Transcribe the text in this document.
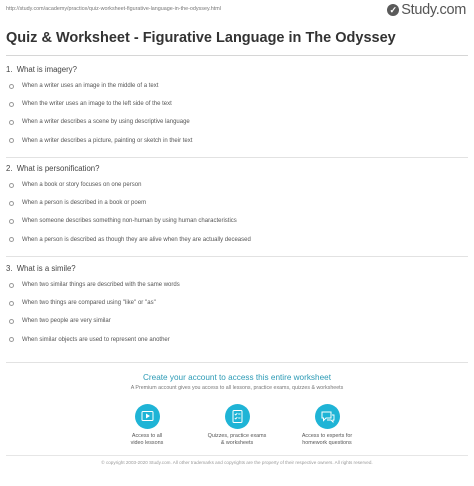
http://study.com/academy/practice/quiz-worksheet-figurative-language-in-the-odyssey.html	✓ Study.com
Quiz & Worksheet - Figurative Language in The Odyssey
1. What is imagery?
When a writer uses an image in the middle of a text
When the writer uses an image to the left side of the text
When a writer describes a scene by using descriptive language
When a writer describes a picture, painting or sketch in their text
2. What is personification?
When a book or story focuses on one person
When a person is described in a book or poem
When someone describes something non-human by using human characteristics
When a person is described as though they are alive when they are actually deceased
3. What is a simile?
When two similar things are described with the same words
When two things are compared using ''like'' or ''as''
When two people are very similar
When similar objects are used to represent one another
Create your account to access this entire worksheet
A Premium account gives you access to all lessons, practice exams, quizzes & worksheets
Access to all
video lessons
Quizzes, practice exams
& worksheets
Access to experts for
homework questions
© copyright 2003-2020 Study.com. All other trademarks and copyrights are the property of their respective owners. All rights reserved.
